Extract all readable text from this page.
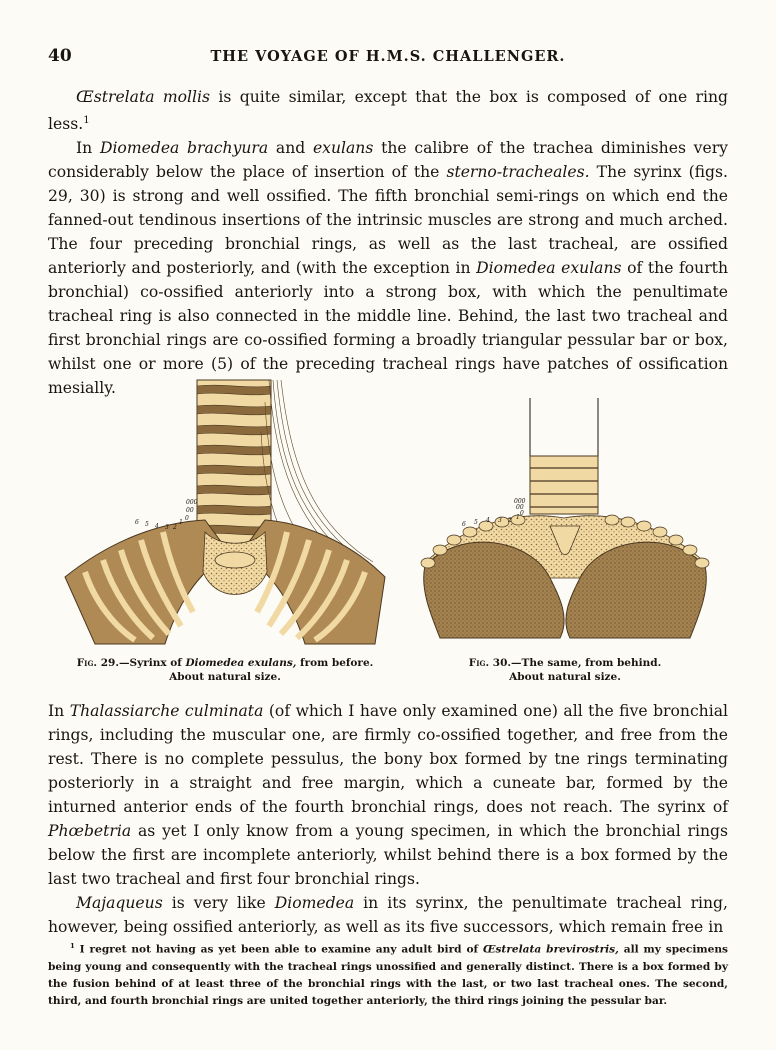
40	THE VOYAGE OF H.M.S. CHALLENGER.

Œstrelata mollis is quite similar, except that the box is composed of one ring less.$^1$

In Diomedea brachyura and exulans the calibre of the trachea diminishes very considerably below the place of insertion of the sterno-tracheales. The syrinx (figs. 29, 30) is strong and well ossified. The fifth bronchial semi-rings on which end the fanned-out tendinous insertions of the intrinsic muscles are strong and much arched. The four preceding bronchial rings, as well as the last tracheal, are ossified anteriorly and posteriorly, and (with the exception in Diomedea exulans of the fourth bronchial) co-ossified anteriorly into a strong box, with which the penultimate tracheal ring is also connected in the middle line. Behind, the last two tracheal and first bronchial rings are co-ossified forming a broadly triangular pessular bar or box, whilst one or more (5) of the preceding tracheal rings have patches of ossification mesially.

6 5 4 3 2
1
0
00
000
Fig. 29.—Syrinx of Diomedea exulans, from before.
About natural size.
6 5 4 3 2 1
0
00
000
Fig. 30.—The same, from behind.
About natural size.

In Thalassiarche culminata (of which I have only examined one) all the five bronchial rings, including the muscular one, are firmly co-ossified together, and free from the rest. There is no complete pessulus, the bony box formed by tne rings terminating posteriorly in a straight and free margin, which a cuneate bar, formed by the inturned anterior ends of the fourth bronchial rings, does not reach. The syrinx of Phœbetria as yet I only know from a young specimen, in which the bronchial rings below the first are incomplete anteriorly, whilst behind there is a box formed by the last two tracheal and first four bronchial rings.

Majaqueus is very like Diomedea in its syrinx, the penultimate tracheal ring, however, being ossified anteriorly, as well as its five successors, which remain free in

$^1$ I regret not having as yet been able to examine any adult bird of Œstrelata brevirostris, all my specimens being young and consequently with the tracheal rings unossified and generally distinct. There is a box formed by the fusion behind of at least three of the bronchial rings with the last, or two last tracheal ones. The second, third, and fourth bronchial rings are united together anteriorly, the third rings joining the pessular bar.
